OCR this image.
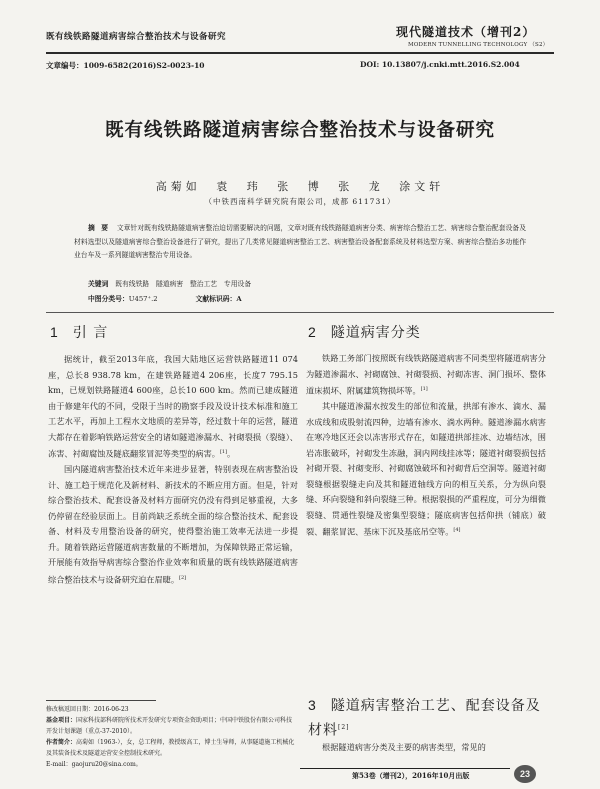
既有线铁路隧道病害综合整治技术与设备研究	现代隧道技术（增刊2）
MODERN TUNNELLING TECHNOLOGY （S2）
文章编号：1009-6582(2016)S2-0023-10	DOI: 10.13807/j.cnki.mtt.2016.S2.004
既有线铁路隧道病害综合整治技术与设备研究
高菊如 袁 玮 张 博 张 龙 涂文轩
（中铁西南科学研究院有限公司，成都 611731）
摘 要　 文章针对既有线铁路隧道病害整治迫切需要解决的问题，文章对既有线铁路隧道病害分类、病害综合整治工艺、病害综合整治配套设备及材料选型以及隧道病害综合整治设备进行了研究，提出了几类常见隧道病害整治工艺、病害整治设备配套系统及材料选型方案、病害综合整治多功能作业台车及一系列隧道病害整治专用设备。
关键词　 既有线铁路　隧道病害　整治工艺　专用设备
中图分类号：U457⁺.2	文献标识码：A
1 引 言

据统计，截至2013年底，我国大陆地区运营铁路隧道11 074座，总长8 938.78 km，在建铁路隧道4 206座，长度7 795.15 km，已规划铁路隧道4 600座，总长10 600 km。然而已建成隧道由于修建年代的不同，受限于当时的勘察手段及设计技术标准和施工工艺水平，再加上工程水文地质的差异等，经过数十年的运营，隧道大都存在着影响铁路运营安全的诸如隧道渗漏水、衬砌裂损（裂缝）、冻害、衬砌腐蚀及隧底翻浆冒泥等类型的病害。[1]。

国内隧道病害整治技术近年来进步显著，特别表现在病害整治设计、施工趋于规范化及新材料、新技术的不断应用方面。但是，针对综合整治技术、配套设备及材料方面研究仍没有得到足够重视，大多仍停留在经验层面上。目前尚缺乏系统全面的综合整治技术、配套设备、材料及专用整治设备的研究，使得整治施工效率无法进一步提升。随着铁路运营隧道病害数量的不断增加，为保障铁路正常运输，开展能有效指导病害综合整治作业效率和质量的既有线铁路隧道病害综合整治技术与设备研究迫在眉睫。[2]

修改稿返回日期：2016-06-23
基金项目：国家科技部科研院所技术开发研究专项资金资助项目；中国中铁股份有限公司科技开发计划课题（重点-37-2010）。
作者简介：高菊如（1963-），女，总工程师，教授级高工，博士生导师，从事隧道施工机械化及其装备技术及隧道运营安全控制技术研究。
E-mail：gaojuru20@sina.com。
2 隧道病害分类

铁路工务部门按照既有线铁路隧道病害不同类型将隧道病害分为隧道渗漏水、衬砌腐蚀、衬砌裂损、衬砌冻害、洞门损坏、整体道床损坏、附属建筑物损坏等。[1]

其中隧道渗漏水按发生的部位和流量，拱部有渗水、滴水、漏水成线和成股射流四种，边墙有渗水、淌水两种。隧道渗漏水病害在寒冷地区还会以冻害形式存在，如隧道拱部挂冰、边墙结冰，围岩冻胀破坏，衬砌发生冻融，洞内网线挂冰等；隧道衬砌裂损包括衬砌开裂、衬砌变形、衬砌腐蚀破坏和衬砌背后空洞等。隧道衬砌裂缝根据裂缝走向及其和隧道轴线方向的相互关系，分为纵向裂缝、环向裂缝和斜向裂缝三种。根据裂损的严重程度，可分为细微裂缝、贯通性裂缝及密集型裂缝；隧底病害包括仰拱（铺底）破裂、翻浆冒泥、基床下沉及基底吊空等。[4]

3 隧道病害整治工艺、配套设备及材料[2]

根据隧道病害分类及主要的病害类型，常见的

第53卷（增刊2），2016年10月出版	23
